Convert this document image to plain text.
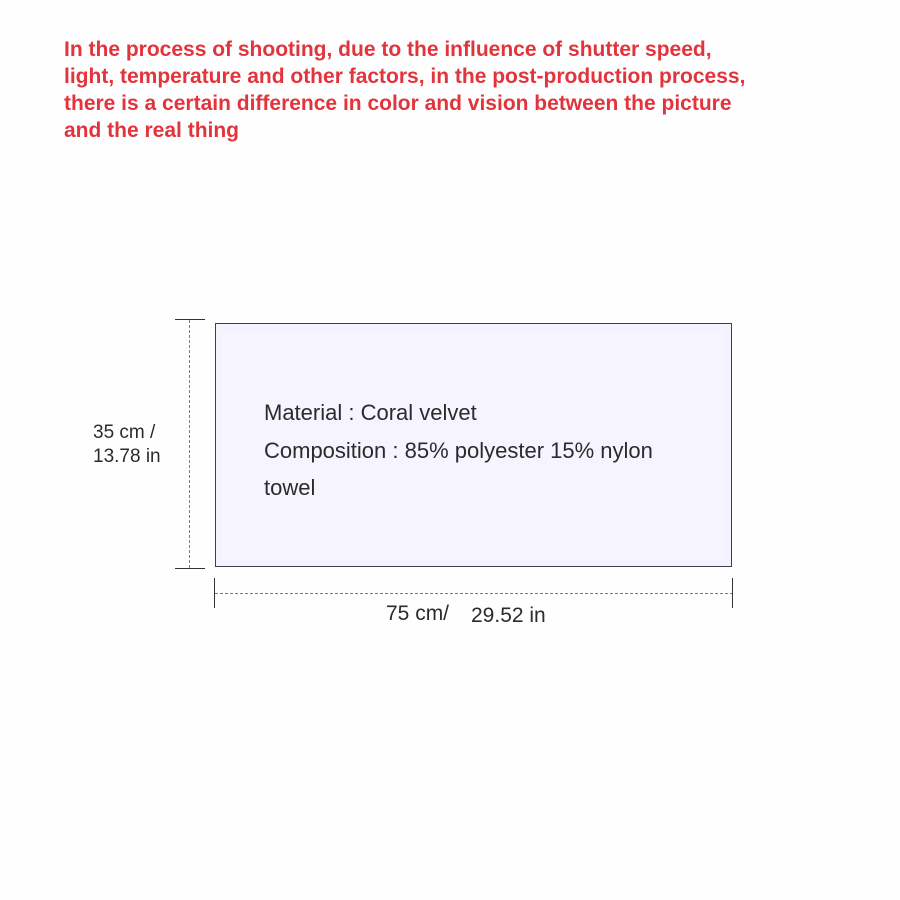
In the process of shooting, due to the influence of shutter speed,
light, temperature and other factors, in the post-production process,
there is a certain difference in color and vision between the picture
and the real thing
35 cm /
13.78 in
Material : Coral velvet
Composition : 85% polyester 15% nylon
towel
75 cm/ 29.52 in
